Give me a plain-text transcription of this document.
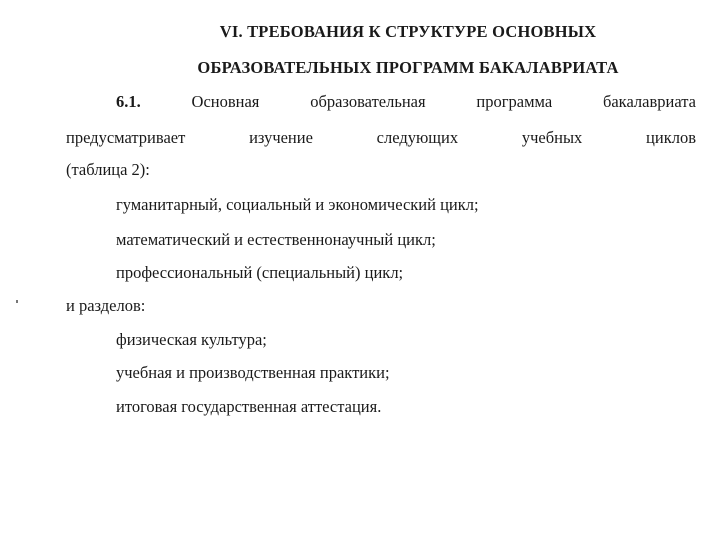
VI. ТРЕБОВАНИЯ К СТРУКТУРЕ ОСНОВНЫХ
ОБРАЗОВАТЕЛЬНЫХ ПРОГРАММ БАКАЛАВРИАТА
6.1.	Основная	образовательная	программа	бакалавриата
предусматривает	изучение	следующих	учебных	циклов
(таблица 2):
гуманитарный, социальный и экономический цикл;
математический и естественнонаучный цикл;
профессиональный (специальный) цикл;
и разделов:
физическая культура;
учебная и производственная практики;
итоговая государственная аттестация.
